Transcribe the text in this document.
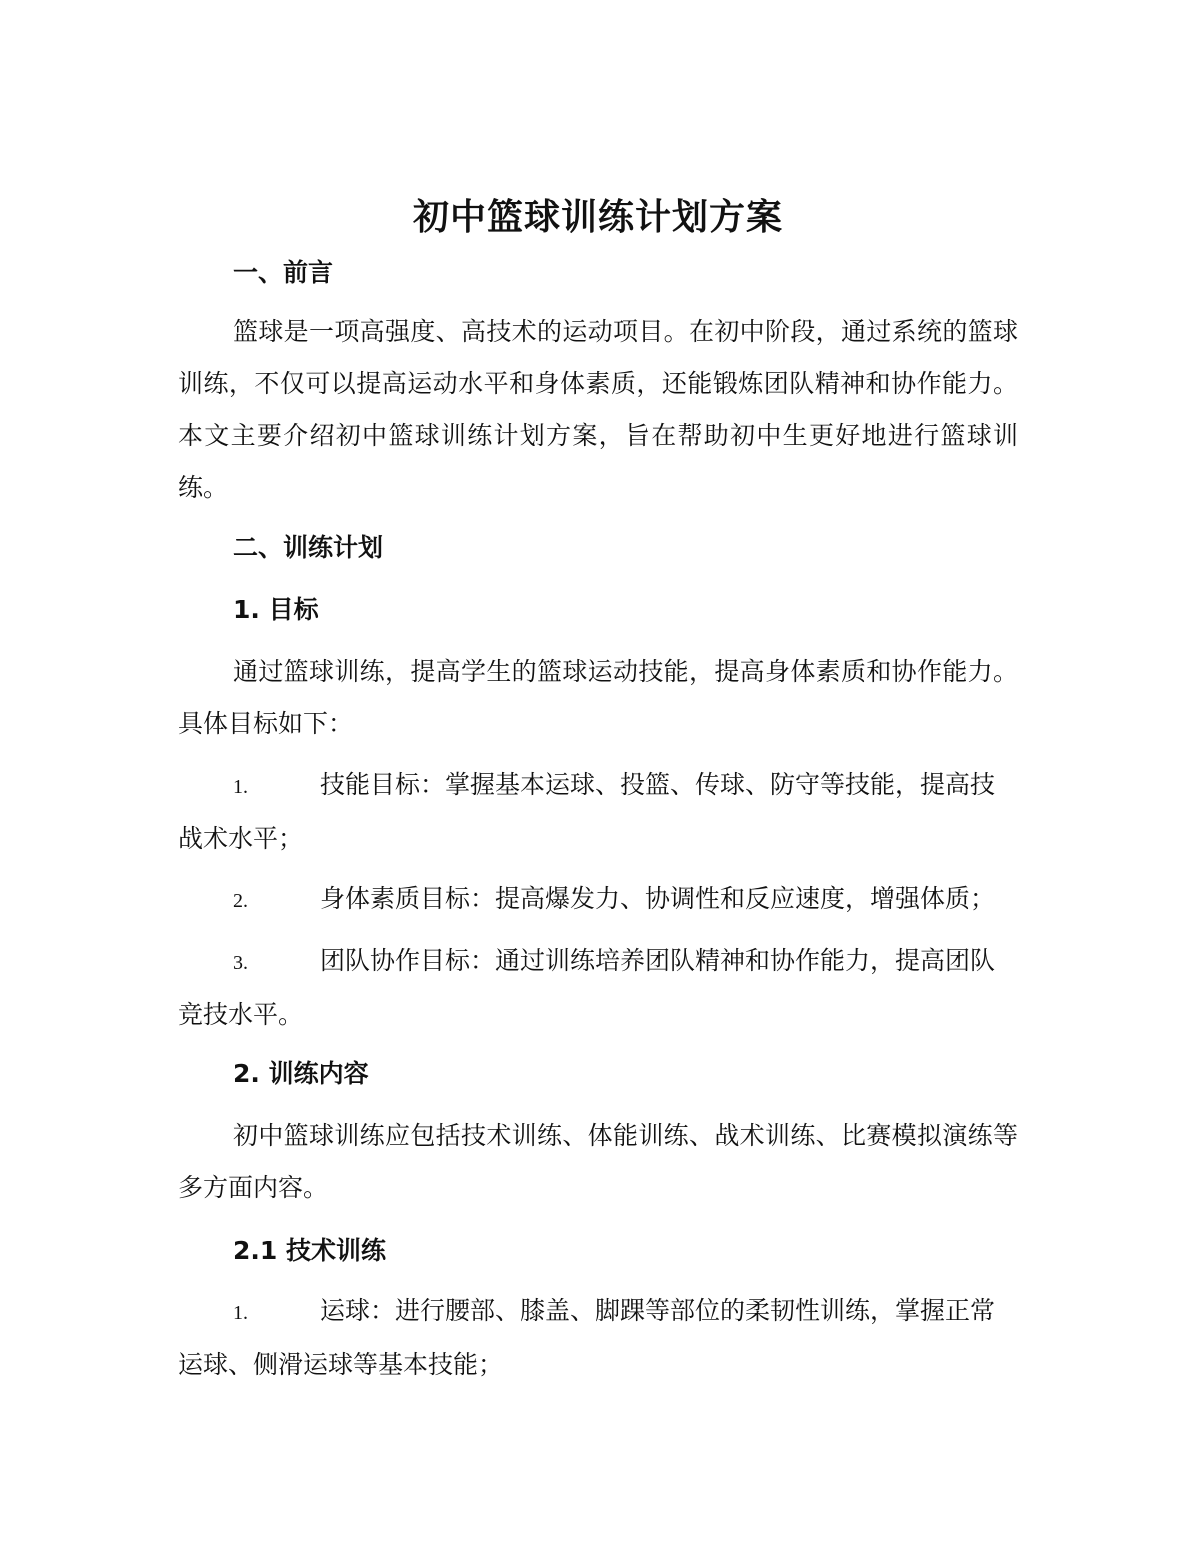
初中篮球训练计划方案
一、前言

篮球是一项高强度、高技术的运动项目。在初中阶段，通过系统的篮球训练，不仅可以提高运动水平和身体素质，还能锻炼团队精神和协作能力。本文主要介绍初中篮球训练计划方案，旨在帮助初中生更好地进行篮球训练。

二、训练计划
1. 目标

通过篮球训练，提高学生的篮球运动技能，提高身体素质和协作能力。具体目标如下：

1.	技能目标：掌握基本运球、投篮、传球、防守等技能，提高技战术水平；
2.	身体素质目标：提高爆发力、协调性和反应速度，增强体质；
3.	团队协作目标：通过训练培养团队精神和协作能力，提高团队竞技水平。
2. 训练内容

初中篮球训练应包括技术训练、体能训练、战术训练、比赛模拟演练等多方面内容。

2.1 技术训练
1.	运球：进行腰部、膝盖、脚踝等部位的柔韧性训练，掌握正常运球、侧滑运球等基本技能；
